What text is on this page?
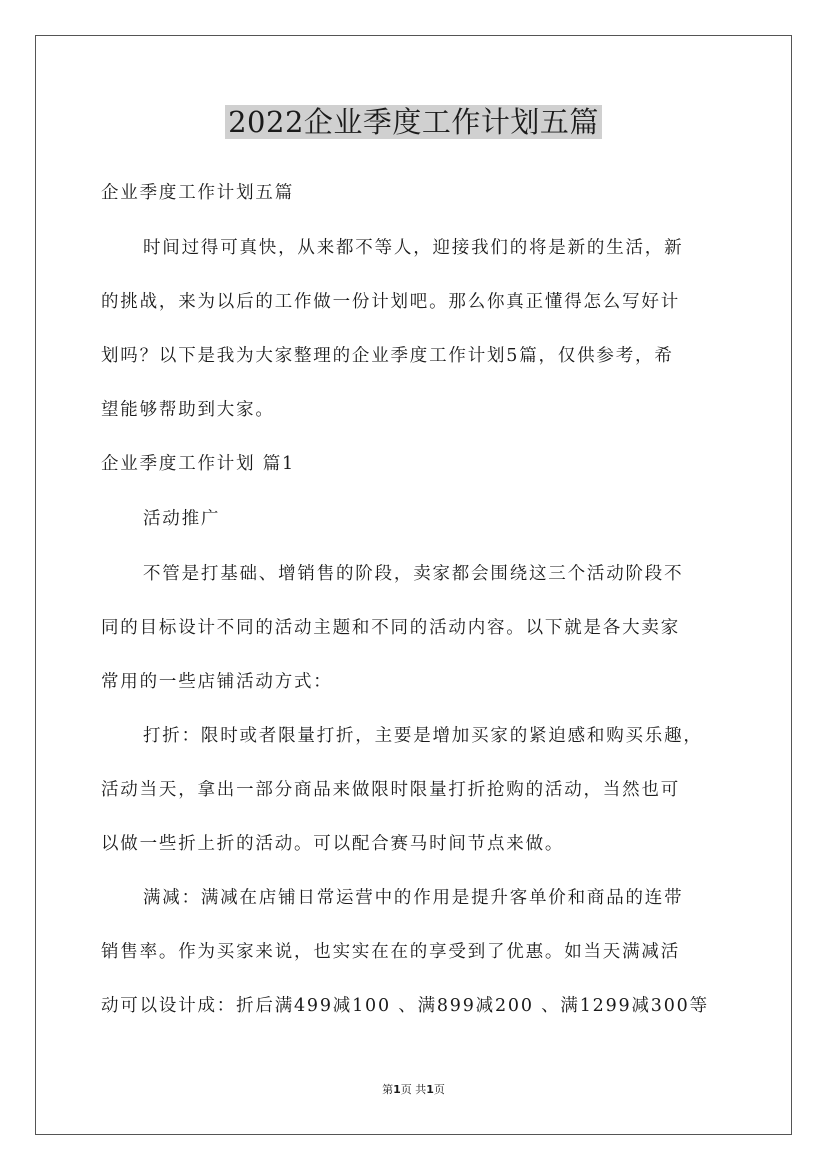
2022企业季度工作计划五篇
企业季度工作计划五篇
时间过得可真快，从来都不等人，迎接我们的将是新的生活，新
的挑战，来为以后的工作做一份计划吧。那么你真正懂得怎么写好计
划吗？以下是我为大家整理的企业季度工作计划5篇，仅供参考，希
望能够帮助到大家。
企业季度工作计划 篇1
活动推广
不管是打基础、增销售的阶段，卖家都会围绕这三个活动阶段不
同的目标设计不同的活动主题和不同的活动内容。以下就是各大卖家
常用的一些店铺活动方式：
打折：限时或者限量打折，主要是增加买家的紧迫感和购买乐趣，
活动当天，拿出一部分商品来做限时限量打折抢购的活动，当然也可
以做一些折上折的活动。可以配合赛马时间节点来做。
满减：满减在店铺日常运营中的作用是提升客单价和商品的连带
销售率。作为买家来说，也实实在在的享受到了优惠。如当天满减活
动可以设计成：折后满499减100 、满899减200 、满1299减300等
第1页 共1页
